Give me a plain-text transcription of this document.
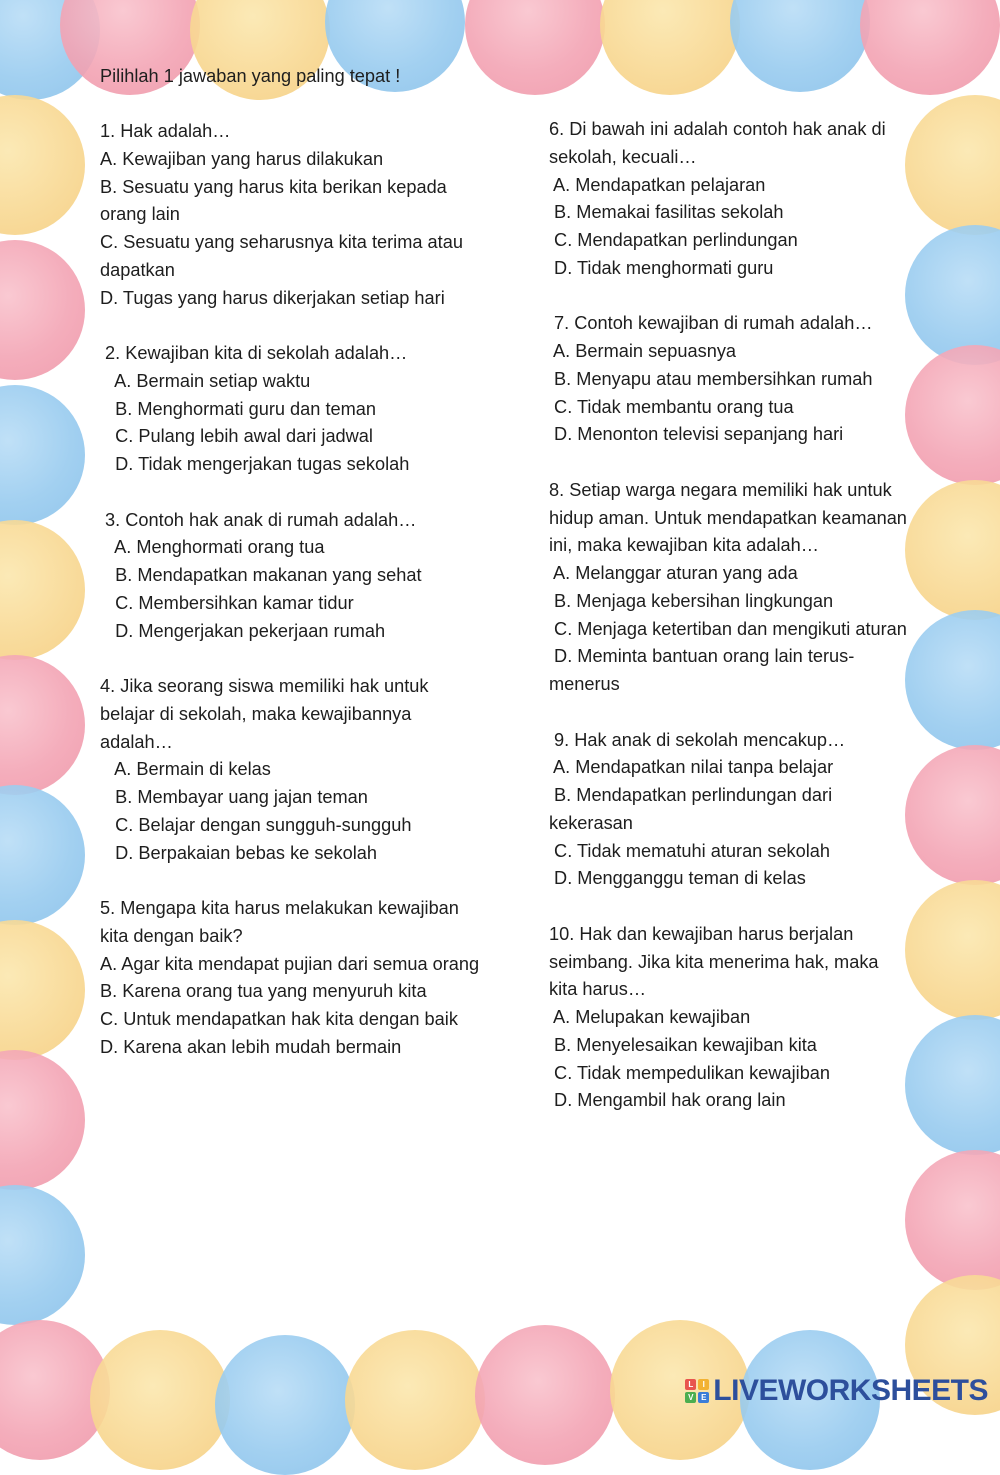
Pilihlah 1 jawaban yang paling tepat !
1. Hak adalah…
A. Kewajiban yang harus dilakukan
B. Sesuatu yang harus kita berikan kepada
orang lain
C. Sesuatu yang seharusnya kita terima atau
dapatkan
D. Tugas yang harus dikerjakan setiap hari
2. Kewajiban kita di sekolah adalah…
A. Bermain setiap waktu
B. Menghormati guru dan teman
C. Pulang lebih awal dari jadwal
D. Tidak mengerjakan tugas sekolah
3. Contoh hak anak di rumah adalah…
A. Menghormati orang tua
B. Mendapatkan makanan yang sehat
C. Membersihkan kamar tidur
D. Mengerjakan pekerjaan rumah
4. Jika seorang siswa memiliki hak untuk
belajar di sekolah, maka kewajibannya
adalah…
A. Bermain di kelas
B. Membayar uang jajan teman
C. Belajar dengan sungguh-sungguh
D. Berpakaian bebas ke sekolah
5. Mengapa kita harus melakukan kewajiban
kita dengan baik?
A. Agar kita mendapat pujian dari semua orang
B. Karena orang tua yang menyuruh kita
C. Untuk mendapatkan hak kita dengan baik
D. Karena akan lebih mudah bermain
6. Di bawah ini adalah contoh hak anak di
sekolah, kecuali…
A. Mendapatkan pelajaran
B. Memakai fasilitas sekolah
C. Mendapatkan perlindungan
D. Tidak menghormati guru
7. Contoh kewajiban di rumah adalah…
A. Bermain sepuasnya
B. Menyapu atau membersihkan rumah
C. Tidak membantu orang tua
D. Menonton televisi sepanjang hari
8. Setiap warga negara memiliki hak untuk
hidup aman. Untuk mendapatkan keamanan
ini, maka kewajiban kita adalah…
A. Melanggar aturan yang ada
B. Menjaga kebersihan lingkungan
C. Menjaga ketertiban dan mengikuti aturan
D. Meminta bantuan orang lain terus-
menerus
9. Hak anak di sekolah mencakup…
A. Mendapatkan nilai tanpa belajar
B. Mendapatkan perlindungan dari
kekerasan
C. Tidak mematuhi aturan sekolah
D. Mengganggu teman di kelas
10. Hak dan kewajiban harus berjalan
seimbang. Jika kita menerima hak, maka
kita harus…
A. Melupakan kewajiban
B. Menyelesaikan kewajiban kita
C. Tidak mempedulikan kewajiban
D. Mengambil hak orang lain
L	I
V E LIVEWORKSHEETS
